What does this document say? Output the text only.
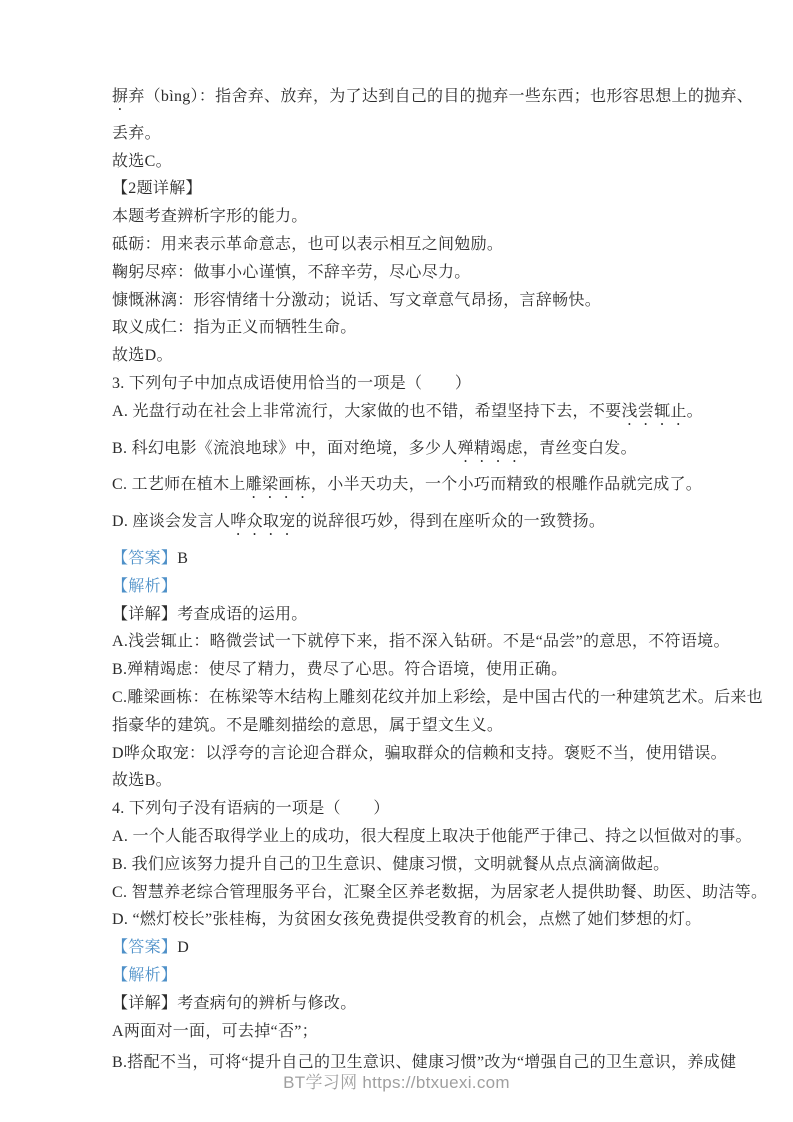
摒弃（bìng）：指舍弃、放弃，为了达到自己的目的抛弃一些东西；也形容思想上的抛弃、

丢弃。

故选C。

【2题详解】

本题考查辨析字形的能力。

砥砺：用来表示革命意志，也可以表示相互之间勉励。

鞠躬尽瘁：做事小心谨慎，不辞辛劳，尽心尽力。

慷慨淋漓：形容情绪十分激动；说话、写文章意气昂扬，言辞畅快。

取义成仁：指为正义而牺牲生命。

故选D。

3. 下列句子中加点成语使用恰当的一项是（　　）

A. 光盘行动在社会上非常流行，大家做的也不错，希望坚持下去，不要浅尝辄止。

B. 科幻电影《流浪地球》中，面对绝境，多少人殚精竭虑，青丝变白发。

C. 工艺师在植木上雕梁画栋，小半天功夫，一个小巧而精致的根雕作品就完成了。

D. 座谈会发言人哗众取宠的说辞很巧妙，得到在座听众的一致赞扬。

【答案】B

【解析】

【详解】考查成语的运用。

A.浅尝辄止：略微尝试一下就停下来，指不深入钻研。不是“品尝”的意思，不符语境。

B.殚精竭虑：使尽了精力，费尽了心思。符合语境，使用正确。

C.雕梁画栋：在栋梁等木结构上雕刻花纹并加上彩绘，是中国古代的一种建筑艺术。后来也

指豪华的建筑。不是雕刻描绘的意思，属于望文生义。

D哗众取宠：以浮夸的言论迎合群众，骗取群众的信赖和支持。褒贬不当，使用错误。

故选B。

4. 下列句子没有语病的一项是（　　）

A. 一个人能否取得学业上的成功，很大程度上取决于他能严于律己、持之以恒做对的事。

B. 我们应该努力提升自己的卫生意识、健康习惯，文明就餐从点点滴滴做起。

C. 智慧养老综合管理服务平台，汇聚全区养老数据，为居家老人提供助餐、助医、助洁等。

D. “燃灯校长”张桂梅，为贫困女孩免费提供受教育的机会，点燃了她们梦想的灯。

【答案】D

【解析】

【详解】考查病句的辨析与修改。

A两面对一面，可去掉“否”；

B.搭配不当，可将“提升自己的卫生意识、健康习惯”改为“增强自己的卫生意识，养成健

BT学习网 https://btxuexi.com
